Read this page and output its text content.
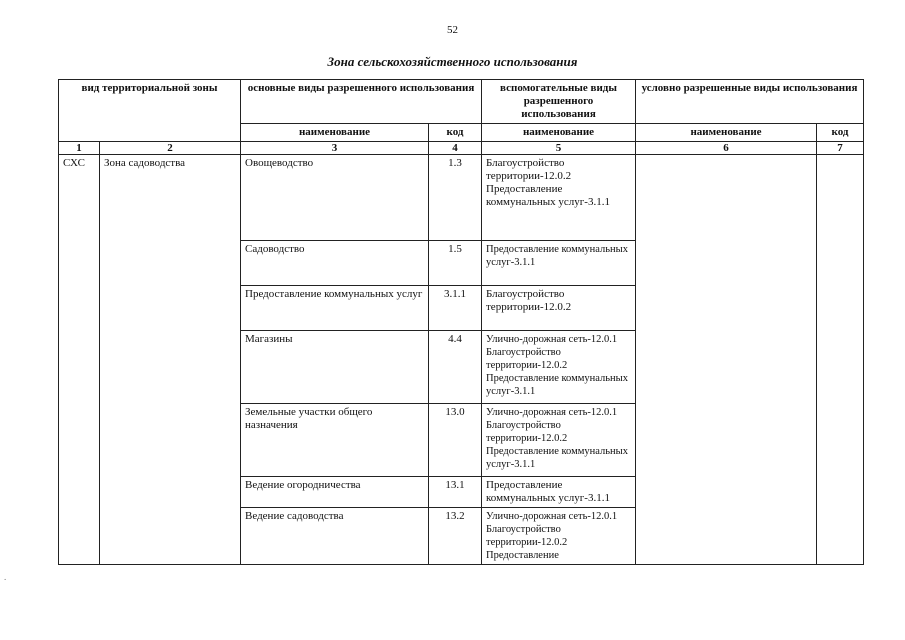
52
Зона сельскохозяйственного использования
вид территориальной зоны		основные виды разрешенного использования		вспомогательные виды разрешенного использования	условно разрешенные виды использования	
		наименование	код	наименование	наименование	код
1	2	3	4	5	6	7
СХС	Зона садоводства	Овощеводство	1.3	Благоустройство территории-12.0.2 Предоставление коммунальных услуг-3.1.1		
		Садоводство	1.5	Предоставление коммунальных услуг-3.1.1		
		Предоставление коммунальных услуг	3.1.1	Благоустройство территории-12.0.2		
		Магазины	4.4	Улично-дорожная сеть-12.0.1 Благоустройство территории-12.0.2 Предоставление коммунальных услуг-3.1.1		
		Земельные участки общего назначения	13.0	Улично-дорожная сеть-12.0.1 Благоустройство территории-12.0.2 Предоставление коммунальных услуг-3.1.1		
		Ведение огородничества	13.1	Предоставление коммунальных услуг-3.1.1		
		Ведение садоводства	13.2	Улично-дорожная сеть-12.0.1 Благоустройство территории-12.0.2 Предоставление		
.
